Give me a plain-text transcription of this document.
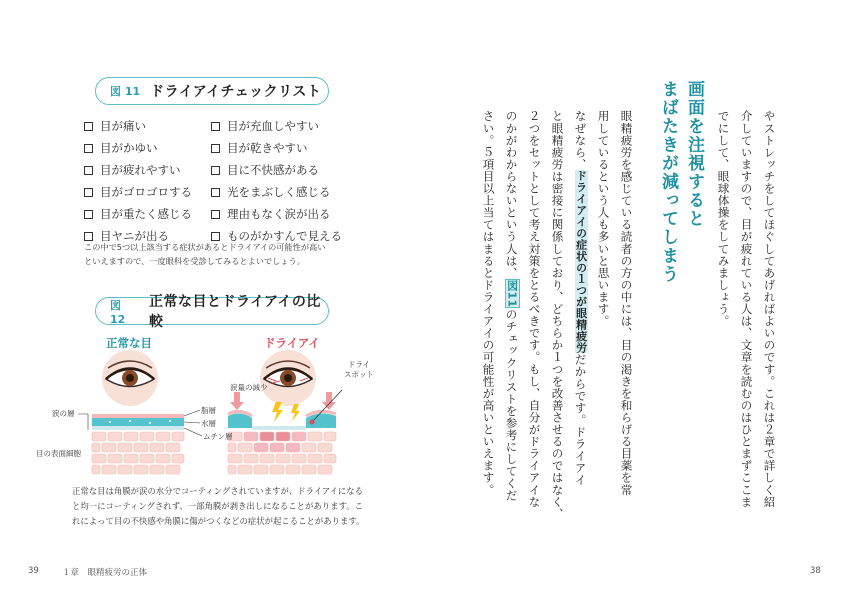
図 11 ドライアイチェックリスト
目が痛い
目がかゆい
目が疲れやすい
目がゴロゴロする
目が重たく感じる
目ヤニが出る
目が充血しやすい
目が乾きやすい
目に不快感がある
光をまぶしく感じる
理由もなく涙が出る
ものがかすんで見える
この中で5つ以上該当する症状があるとドライアイの可能性が高い
といえますので、一度眼科を受診してみるとよいでしょう。
図 12
正常な目とドライアイの比較
正常な目	ドライアイ
涙の層	脂層
水層
ムチン層
目の表面細胞
涙量の減少
ドライ
スポット
正常な目は角膜が涙の水分でコーティングされていますが、ドライアイになる
と均一にコーティングされず、一部角膜が剥き出しになることがあります。こ
れによって目の不快感や角膜に傷がつくなどの症状が起こることがあります。
39	１章　眼精疲労の正体
やストレッチをしてほぐしてあげればよいのです。これは２章で詳しく紹
介していますので、目が疲れている人は、文章を読むのはひとまずここま
でにして、眼球体操をしてみましょう。
画面を注視すると
まばたきが減ってしまう
眼精疲労を感じている読者の方の中には、目の渇きを和らげる目薬を常
用しているという人も多いと思います。
なぜなら、ドライアイの症状の１つが眼精疲労だからです。ドライアイ
と眼精疲労は密接に関係しており、どちらか１つを改善させるのではなく、
２つをセットとして考え対策をとるべきです。もし、自分がドライアイな
のかがわからないという人は、図11のチェックリストを参考にしてくだ
さい。５項目以上当てはまるとドライアイの可能性が高いといえます。
38
